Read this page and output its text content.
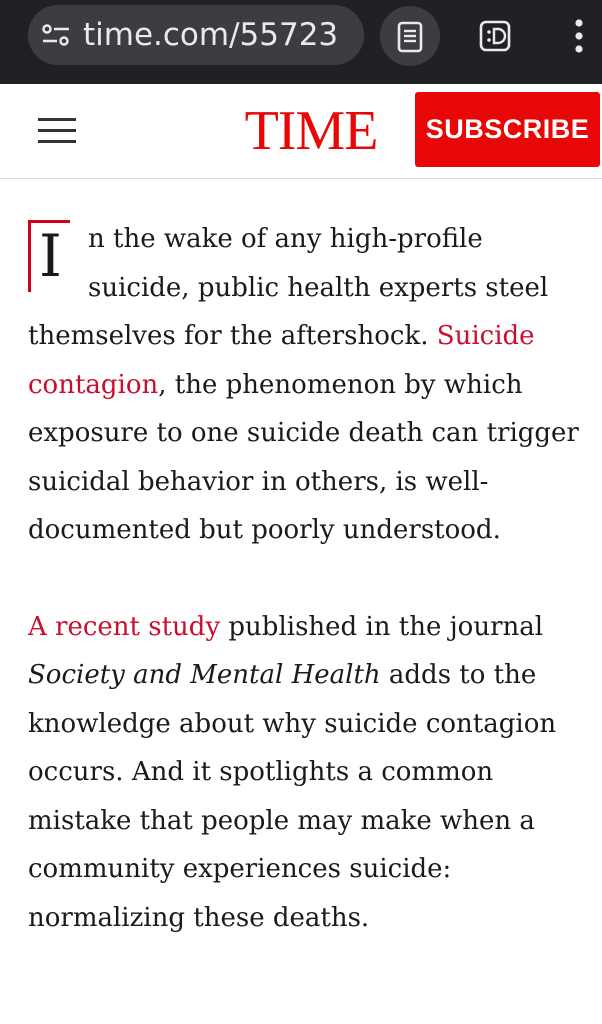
time.com/55723
TIME	SUBSCRIBE

I n the wake of any high-profile suicide, public health experts steel themselves for the aftershock. Suicide contagion, the phenomenon by which exposure to one suicide death can trigger suicidal behavior in others, is well-documented but poorly understood.

A recent study published in the journal Society and Mental Health adds to the knowledge about why suicide contagion occurs. And it spotlights a common mistake that people may make when a community experiences suicide: normalizing these deaths.
